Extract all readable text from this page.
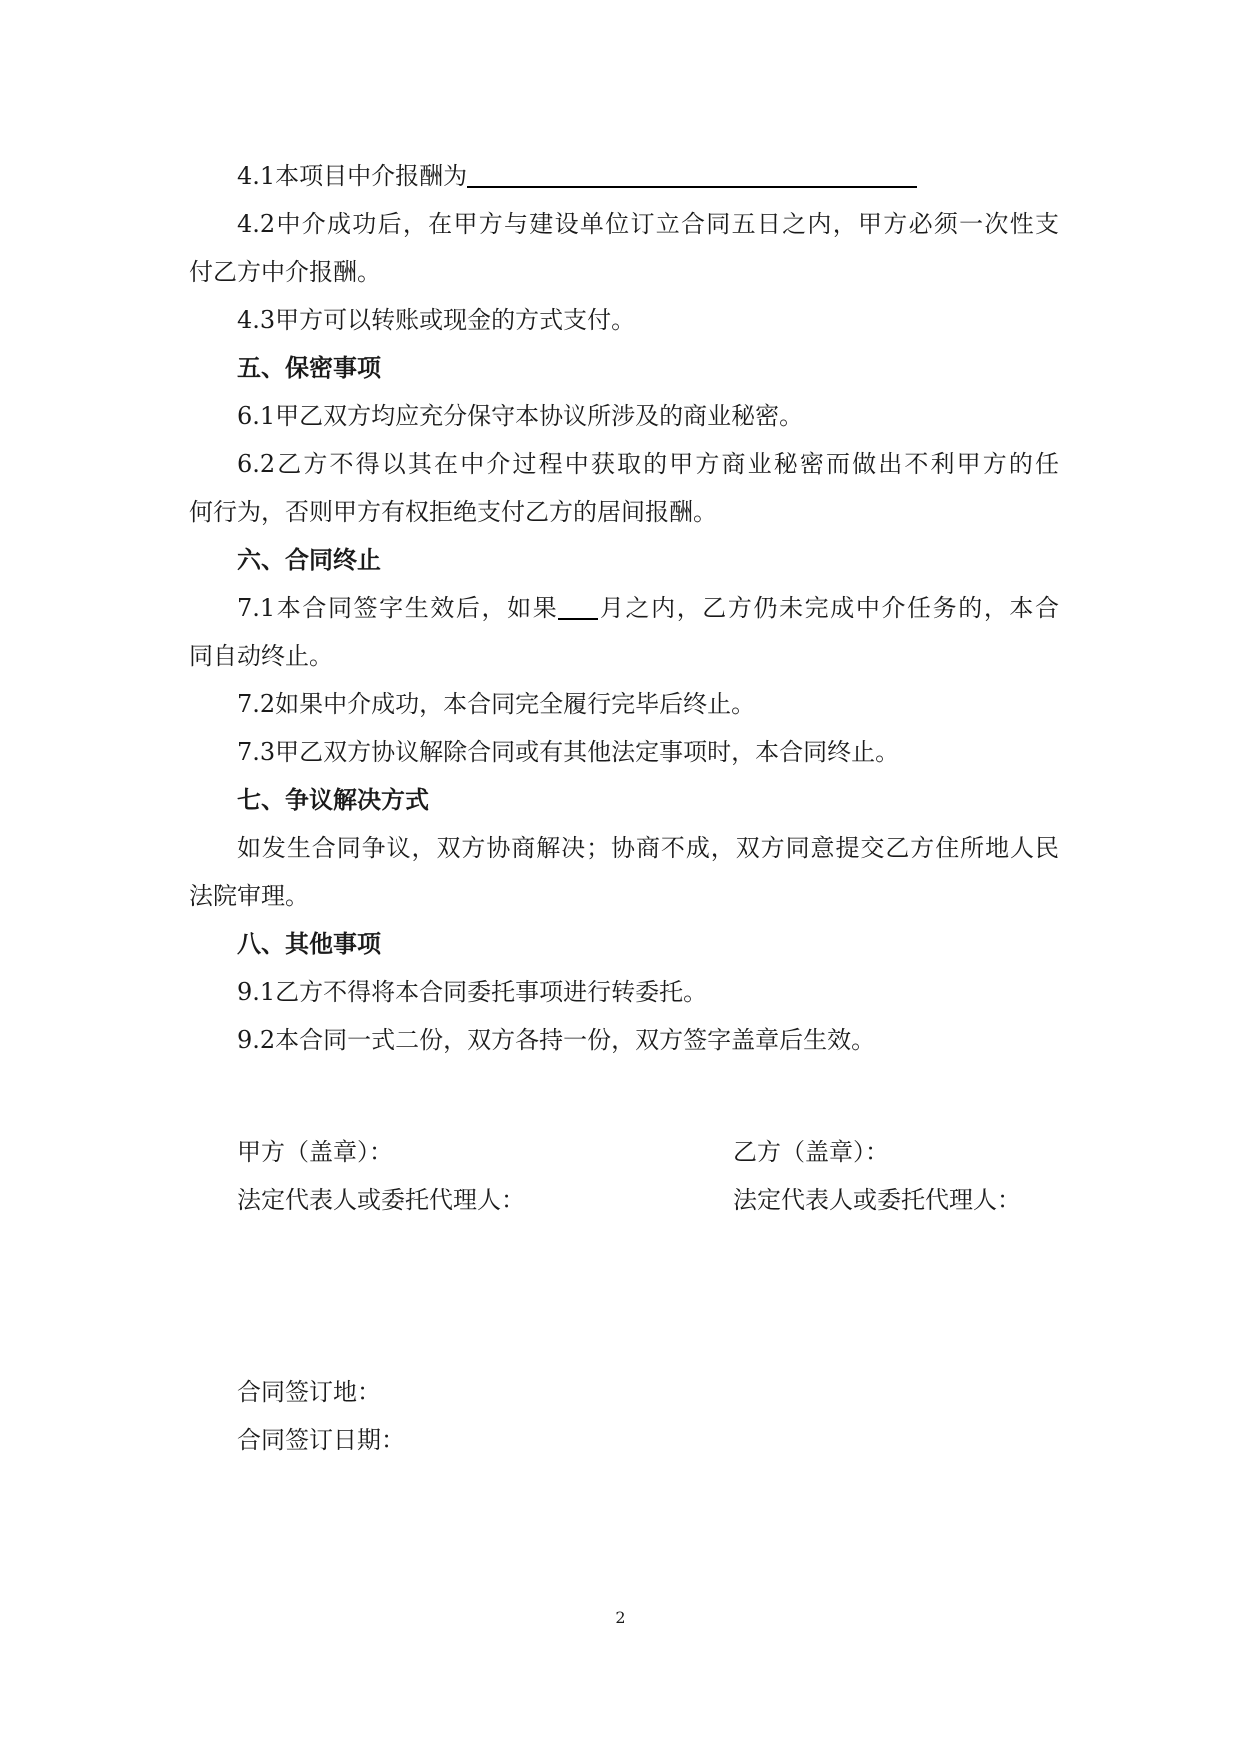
4.1本项目中介报酬为
4.2中介成功后，在甲方与建设单位订立合同五日之内，甲方必须一次性支
付乙方中介报酬。
4.3甲方可以转账或现金的方式支付。
五、保密事项
6.1甲乙双方均应充分保守本协议所涉及的商业秘密。
6.2乙方不得以其在中介过程中获取的甲方商业秘密而做出不利甲方的任
何行为，否则甲方有权拒绝支付乙方的居间报酬。
六、合同终止
7.1本合同签字生效后，如果 月之内，乙方仍未完成中介任务的，本合
同自动终止。
7.2如果中介成功，本合同完全履行完毕后终止。
7.3甲乙双方协议解除合同或有其他法定事项时，本合同终止。
七、争议解决方式
如发生合同争议，双方协商解决；协商不成，双方同意提交乙方住所地人民
法院审理。
八、其他事项
9.1乙方不得将本合同委托事项进行转委托。
9.2本合同一式二份，双方各持一份，双方签字盖章后生效。
甲方（盖章）：
法定代表人或委托代理人：
乙方（盖章）：
法定代表人或委托代理人：
合同签订地：
合同签订日期：
2
